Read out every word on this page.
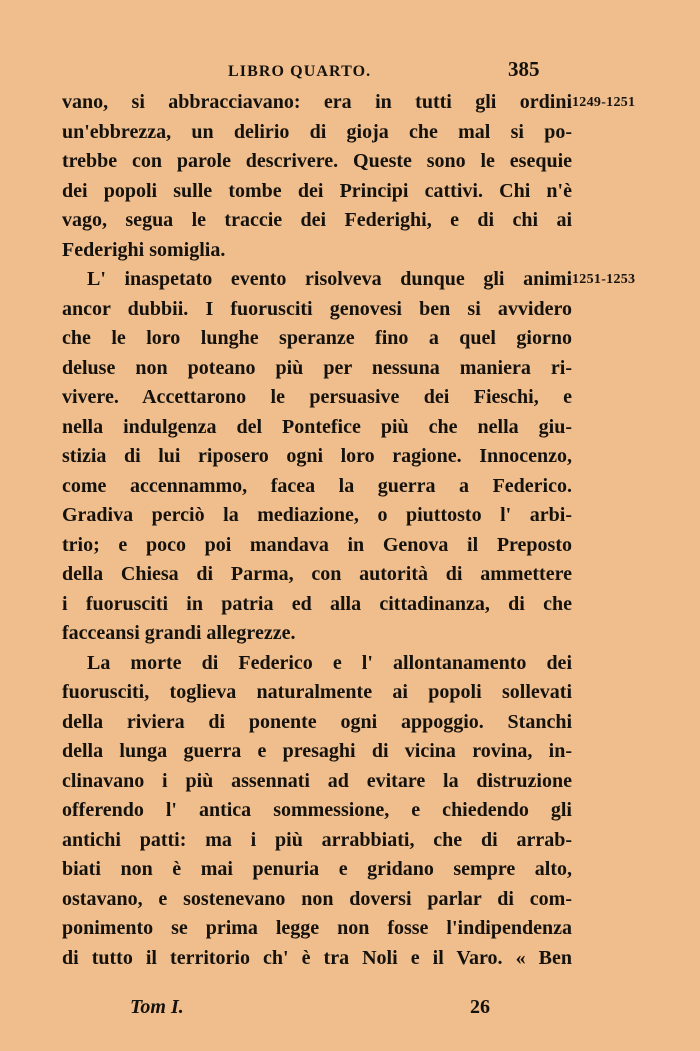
LIBRO QUARTO.	385
1249-1251
1251-1253
vano, si abbracciavano: era in tutti gli ordini
un'ebbrezza, un delirio di gioja che mal si po-
trebbe con parole descrivere. Queste sono le esequie
dei popoli sulle tombe dei Principi cattivi. Chi n'è
vago, segua le traccie dei Federighi, e di chi ai
Federighi somiglia.
L' inaspetato evento risolveva dunque gli animi
ancor dubbii. I fuorusciti genovesi ben si avvidero
che le loro lunghe speranze fino a quel giorno
deluse non poteano più per nessuna maniera ri-
vivere. Accettarono le persuasive dei Fieschi, e
nella indulgenza del Pontefice più che nella giu-
stizia di lui riposero ogni loro ragione. Innocenzo,
come accennammo, facea la guerra a Federico.
Gradiva perciò la mediazione, o piuttosto l' arbi-
trio; e poco poi mandava in Genova il Preposto
della Chiesa di Parma, con autorità di ammettere
i fuorusciti in patria ed alla cittadinanza, di che
facceansi grandi allegrezze.
La morte di Federico e l' allontanamento dei
fuorusciti, toglieva naturalmente ai popoli sollevati
della riviera di ponente ogni appoggio. Stanchi
della lunga guerra e presaghi di vicina rovina, in-
clinavano i più assennati ad evitare la distruzione
offerendo l' antica sommessione, e chiedendo gli
antichi patti: ma i più arrabbiati, che di arrab-
biati non è mai penuria e gridano sempre alto,
ostavano, e sostenevano non doversi parlar di com-
ponimento se prima legge non fosse l'indipendenza
di tutto il territorio ch' è tra Noli e il Varo. « Ben
Tom I.	26
